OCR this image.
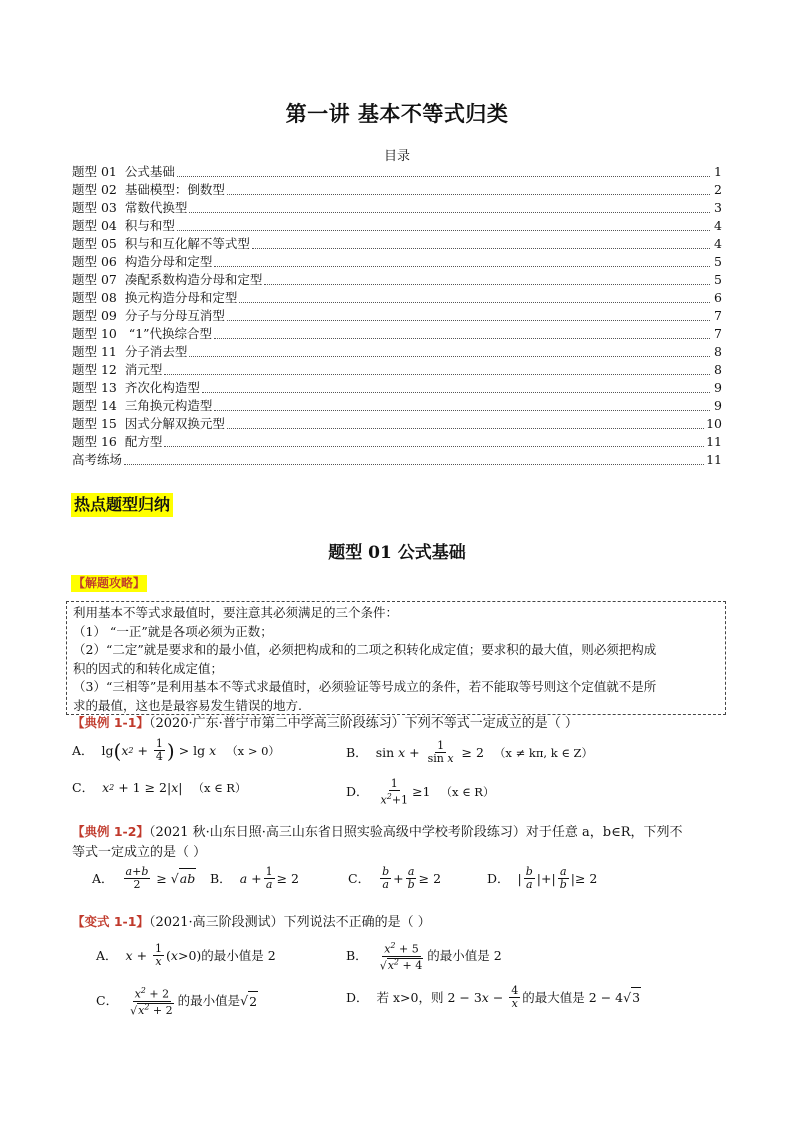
第一讲 基本不等式归类
目录
题型 01  公式基础	1
题型 02  基础模型：倒数型	2
题型 03  常数代换型	3
题型 04  积与和型	4
题型 05  积与和互化解不等式型	4
题型 06  构造分母和定型	5
题型 07  凑配系数构造分母和定型	5
题型 08  换元构造分母和定型	6
题型 09  分子与分母互消型	7
题型 10   “1”代换综合型	7
题型 11  分子消去型	8
题型 12  消元型	8
题型 13  齐次化构造型	9
题型 14  三角换元构造型	9
题型 15  因式分解双换元型	10
题型 16  配方型	11
高考练场	11
热点题型归纳
题型 01 公式基础
【解题攻略】

利用基本不等式求最值时，要注意其必须满足的三个条件：

（1） “一正”就是各项必须为正数；

（2）“二定”就是要求和的最小值，必须把构成和的二项之积转化成定值；要求积的最大值，则必须把构成

积的因式的和转化成定值；

（3）“三相等”是利用基本不等式求最值时，必须验证等号成立的条件，若不能取等号则这个定值就不是所

求的最值，这也是最容易发生错误的地方.

【典例 1-1】（2020·广东·普宁市第二中学高三阶段练习）下列不等式一定成立的是（ ）
A． lg ( x $2 + \frac{1}{4}$ ) > lg x （x > 0）	B． $\sin x + \frac{1}{\text{sin x}} \ge 2$ （x ≠ kπ, k ∈ Z）
C． x 2 + 1 ≥ 2 | x | （x ∈ R）	D． $\frac{1}{x^2+1} \ge 1$ （x ∈ R）
【典例 1-2】（2021 秋·山东日照·高三山东省日照实验高级中学校考阶段练习）对于任意 a，b∈R，下列不
等式一定成立的是（ ）
A． $\frac{a+b}{2}$ ≥ √ ab B． $a + \frac{1}{a} \ge 2$	C． $\frac{b}{a} + \frac{a}{b} \ge 2$	D． | $\frac{b}{a}$ |+| $\frac{a}{b}$ |≥ 2
【变式 1-1】（2021·高三阶段测试）下列说法不正确的是（ ）
A． $x + \frac{1}{x}$ ( x >0) 的最小值是 2	B． $\frac{x^2 + 5}{√x^2 + 4}$ 的最小值是 2
C． $\frac{x^2 + 2}{√x^2 + 2}$ 的最小值是 √ 2	D． 若 x>0，则 2 − 3 $x - \frac{4}{x}$ 的最大值是 2 − 4 √ 3
